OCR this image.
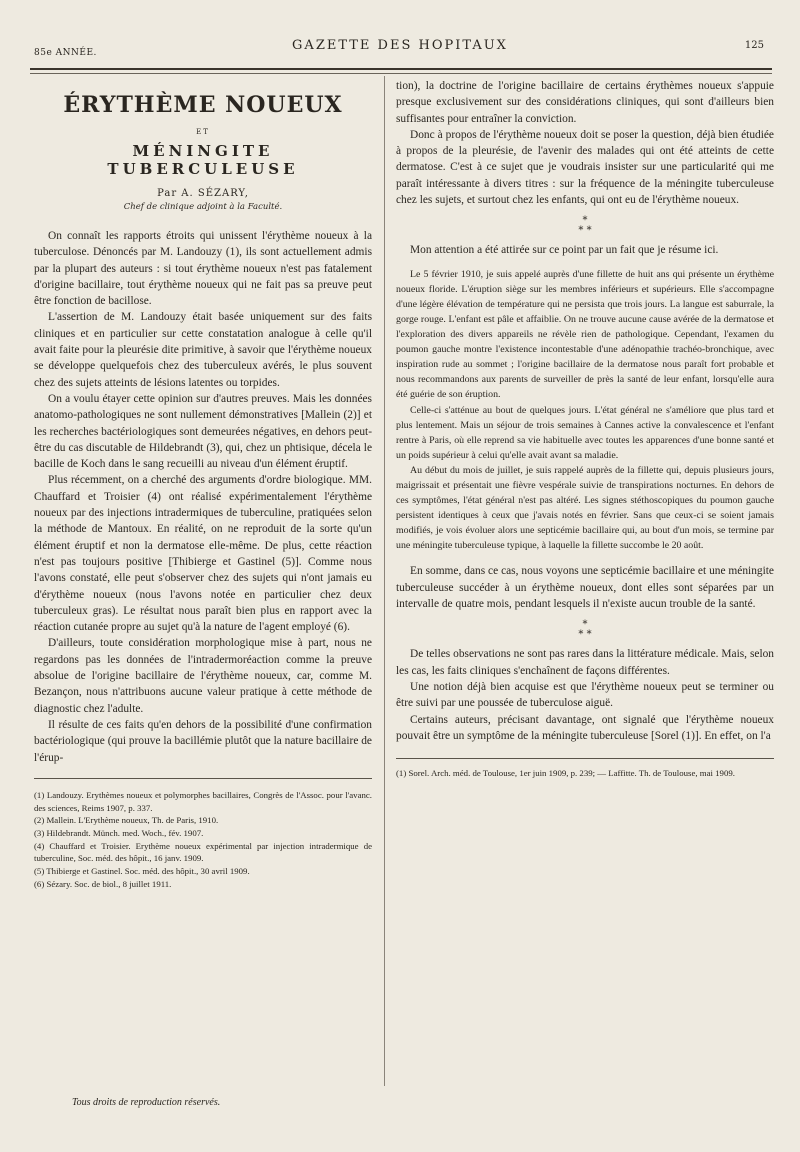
85e ANNÉE.	GAZETTE DES HOPITAUX	125
ÉRYTHÈME NOUEUX
ET
MÉNINGITE TUBERCULEUSE
Par A. SÉZARY,
Chef de clinique adjoint à la Faculté.

On connaît les rapports étroits qui unissent l'érythème noueux à la tuberculose. Dénoncés par M. Landouzy (1), ils sont actuellement admis par la plupart des auteurs : si tout érythème noueux n'est pas fatalement d'origine bacillaire, tout érythème noueux qui ne fait pas sa preuve peut être fonction de bacillose.

L'assertion de M. Landouzy était basée uniquement sur des faits cliniques et en particulier sur cette constatation analogue à celle qu'il avait faite pour la pleurésie dite primitive, à savoir que l'érythème noueux se développe quelquefois chez des tuberculeux avérés, le plus souvent chez des sujets atteints de lésions latentes ou torpides.

On a voulu étayer cette opinion sur d'autres preuves. Mais les données anatomo-pathologiques ne sont nullement démonstratives [Mallein (2)] et les recherches bactériologiques sont demeurées négatives, en dehors peut-être du cas discutable de Hildebrandt (3), qui, chez un phtisique, décela le bacille de Koch dans le sang recueilli au niveau d'un élément éruptif.

Plus récemment, on a cherché des arguments d'ordre biologique. MM. Chauffard et Troisier (4) ont réalisé expérimentalement l'érythème noueux par des injections intradermiques de tuberculine, pratiquées selon la méthode de Mantoux. En réalité, on ne reproduit de la sorte qu'un élément éruptif et non la dermatose elle-même. De plus, cette réaction n'est pas toujours positive [Thibierge et Gastinel (5)]. Comme nous l'avons constaté, elle peut s'observer chez des sujets qui n'ont jamais eu d'érythème noueux (nous l'avons notée en particulier chez deux tuberculeux gras). Le résultat nous paraît bien plus en rapport avec la réaction cutanée propre au sujet qu'à la nature de l'agent employé (6).

D'ailleurs, toute considération morphologique mise à part, nous ne regardons pas les données de l'intradermoréaction comme la preuve absolue de l'origine bacillaire de l'érythème noueux, car, comme M. Bezançon, nous n'attribuons aucune valeur pratique à cette méthode de diagnostic chez l'adulte.

Il résulte de ces faits qu'en dehors de la possibilité d'une confirmation bactériologique (qui prouve la bacillémie plutôt que la nature bacillaire de l'érup-

(1) Landouzy. Erythèmes noueux et polymorphes bacillaires, Congrès de l'Assoc. pour l'avanc. des sciences, Reims 1907, p. 337.

(2) Mallein. L'Erythème noueux, Th. de Paris, 1910.

(3) Hildebrandt. Münch. med. Woch., fév. 1907.

(4) Chauffard et Troisier. Erythème noueux expérimental par injection intradermique de tuberculine, Soc. méd. des hôpit., 16 janv. 1909.

(5) Thibierge et Gastinel. Soc. méd. des hôpit., 30 avril 1909.

(6) Sézary. Soc. de biol., 8 juillet 1911.

tion), la doctrine de l'origine bacillaire de certains érythèmes noueux s'appuie presque exclusivement sur des considérations cliniques, qui sont d'ailleurs bien suffisantes pour entraîner la conviction.

Donc à propos de l'érythème noueux doit se poser la question, déjà bien étudiée à propos de la pleurésie, de l'avenir des malades qui ont été atteints de cette dermatose. C'est à ce sujet que je voudrais insister sur une particularité qui me paraît intéressante à divers titres : sur la fréquence de la méningite tuberculeuse chez les sujets, et surtout chez les enfants, qui ont eu de l'érythème noueux.

*
* *

Mon attention a été attirée sur ce point par un fait que je résume ici.

Le 5 février 1910, je suis appelé auprès d'une fillette de huit ans qui présente un érythème noueux floride. L'éruption siège sur les membres inférieurs et supérieurs. Elle s'accompagne d'une légère élévation de température qui ne persista que trois jours. La langue est saburrale, la gorge rouge. L'enfant est pâle et affaiblie. On ne trouve aucune cause avérée de la dermatose et l'exploration des divers appareils ne révèle rien de pathologique. Cependant, l'examen du poumon gauche montre l'existence incontestable d'une adénopathie trachéo-bronchique, avec inspiration rude au sommet ; l'origine bacillaire de la dermatose nous paraît fort probable et nous recommandons aux parents de surveiller de près la santé de leur enfant, lorsqu'elle aura été guérie de son éruption.

Celle-ci s'atténue au bout de quelques jours. L'état général ne s'améliore que plus tard et plus lentement. Mais un séjour de trois semaines à Cannes active la convalescence et l'enfant rentre à Paris, où elle reprend sa vie habituelle avec toutes les apparences d'une bonne santé et un poids supérieur à celui qu'elle avait avant sa maladie.

Au début du mois de juillet, je suis rappelé auprès de la fillette qui, depuis plusieurs jours, maigrissait et présentait une fièvre vespérale suivie de transpirations nocturnes. En dehors de ces symptômes, l'état général n'est pas altéré. Les signes stéthoscopiques du poumon gauche persistent identiques à ceux que j'avais notés en février. Sans que ceux-ci se soient jamais modifiés, je vois évoluer alors une septicémie bacillaire qui, au bout d'un mois, se termine par une méningite tuberculeuse typique, à laquelle la fillette succombe le 20 août.

En somme, dans ce cas, nous voyons une septicémie bacillaire et une méningite tuberculeuse succéder à un érythème noueux, dont elles sont séparées par un intervalle de quatre mois, pendant lesquels il n'existe aucun trouble de la santé.

*
* *

De telles observations ne sont pas rares dans la littérature médicale. Mais, selon les cas, les faits cliniques s'enchaînent de façons différentes.

Une notion déjà bien acquise est que l'érythème noueux peut se terminer ou être suivi par une poussée de tuberculose aiguë.

Certains auteurs, précisant davantage, ont signalé que l'érythème noueux pouvait être un symptôme de la méningite tuberculeuse [Sorel (1)]. En effet, on l'a

(1) Sorel. Arch. méd. de Toulouse, 1er juin 1909, p. 239; — Laffitte. Th. de Toulouse, mai 1909.

Tous droits de reproduction réservés.
